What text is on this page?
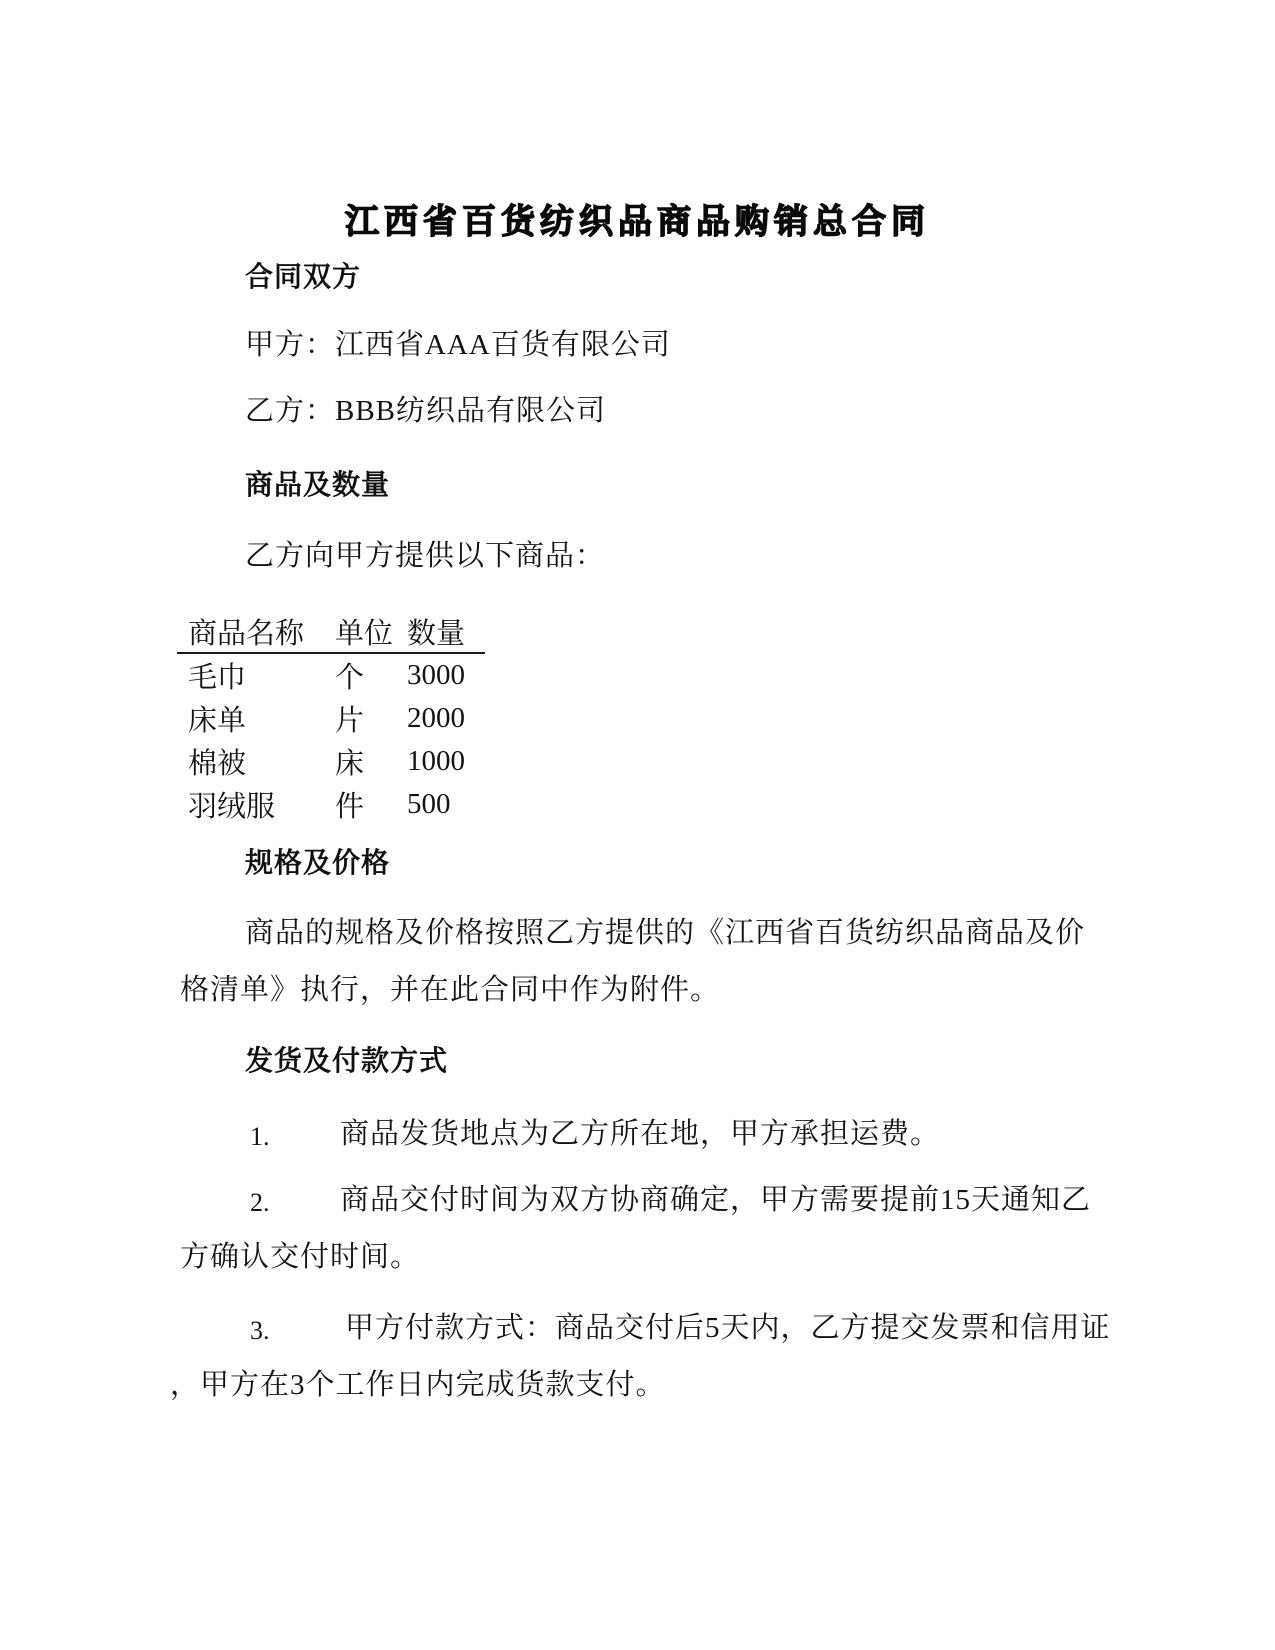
江西省百货纺织品商品购销总合同
合同双方
甲方：江西省AAA百货有限公司
乙方：BBB纺织品有限公司
商品及数量
乙方向甲方提供以下商品：
商品名称	单位	数量
毛巾	个	3000
床单	片	2000
棉被	床	1000
羽绒服	件	500
规格及价格
商品的规格及价格按照乙方提供的《江西省百货纺织品商品及价
格清单》执行，并在此合同中作为附件。
发货及付款方式
1. 商品发货地点为乙方所在地，甲方承担运费。
2. 商品交付时间为双方协商确定，甲方需要提前15天通知乙
方确认交付时间。
3.	甲方付款方式：商品交付后5天内，乙方提交发票和信用证
，甲方在3个工作日内完成货款支付。
